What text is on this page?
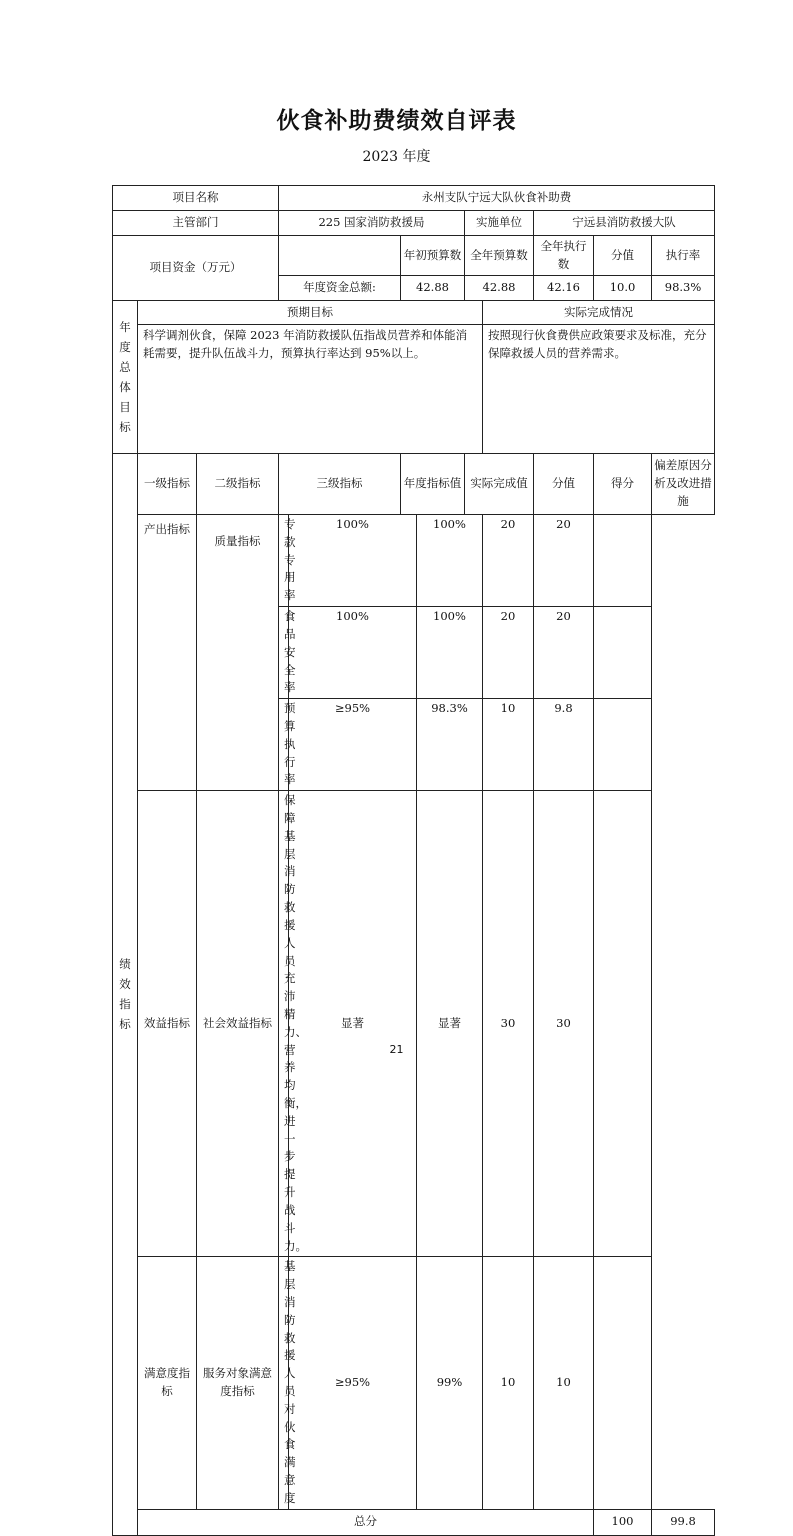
伙食补助费绩效自评表
2023 年度
项目名称			永州支队宁远大队伙食补助费									
主管部门			225 国家消防救援局				实施单位		宁远县消防救援大队			
项目资金（万元）					年初预算数		全年预算数		全年执行数	分值	执行率	
			年度资金总额:		42.88		42.88		42.16	10.0	98.3%	
年度总体目标	预期目标							实际完成情况				
	科学调剂伙食，保障 2023 年消防救援队伍指战员营养和体能消耗需要，提升队伍战斗力，预算执行率达到 95%以上。							按照现行伙食费供应政策要求及标准，充分保障救援人员的营养需求。				
绩效指标	一级指标	二级指标	三级指标		年度指标值		实际完成值		分值	得分	偏差原因分析及改进措 施	
	产出指标	质量指标	专款专用率	100%		100%		20	20			
			食品安全率	100%		100%		20	20			
			预算执行率	≥95%		98.3%		10	9.8			
	效益指标	社会效益指标	保障基层消防救援人员充沛精力、营养均衡，进一步提升战斗力。	显著		显著		30	30			
	满意度指标	服务对象满意度指标	基层消防救援人员对伙食满意度	≥95%		99%		10	10			
	总分									100	99.8	
21
